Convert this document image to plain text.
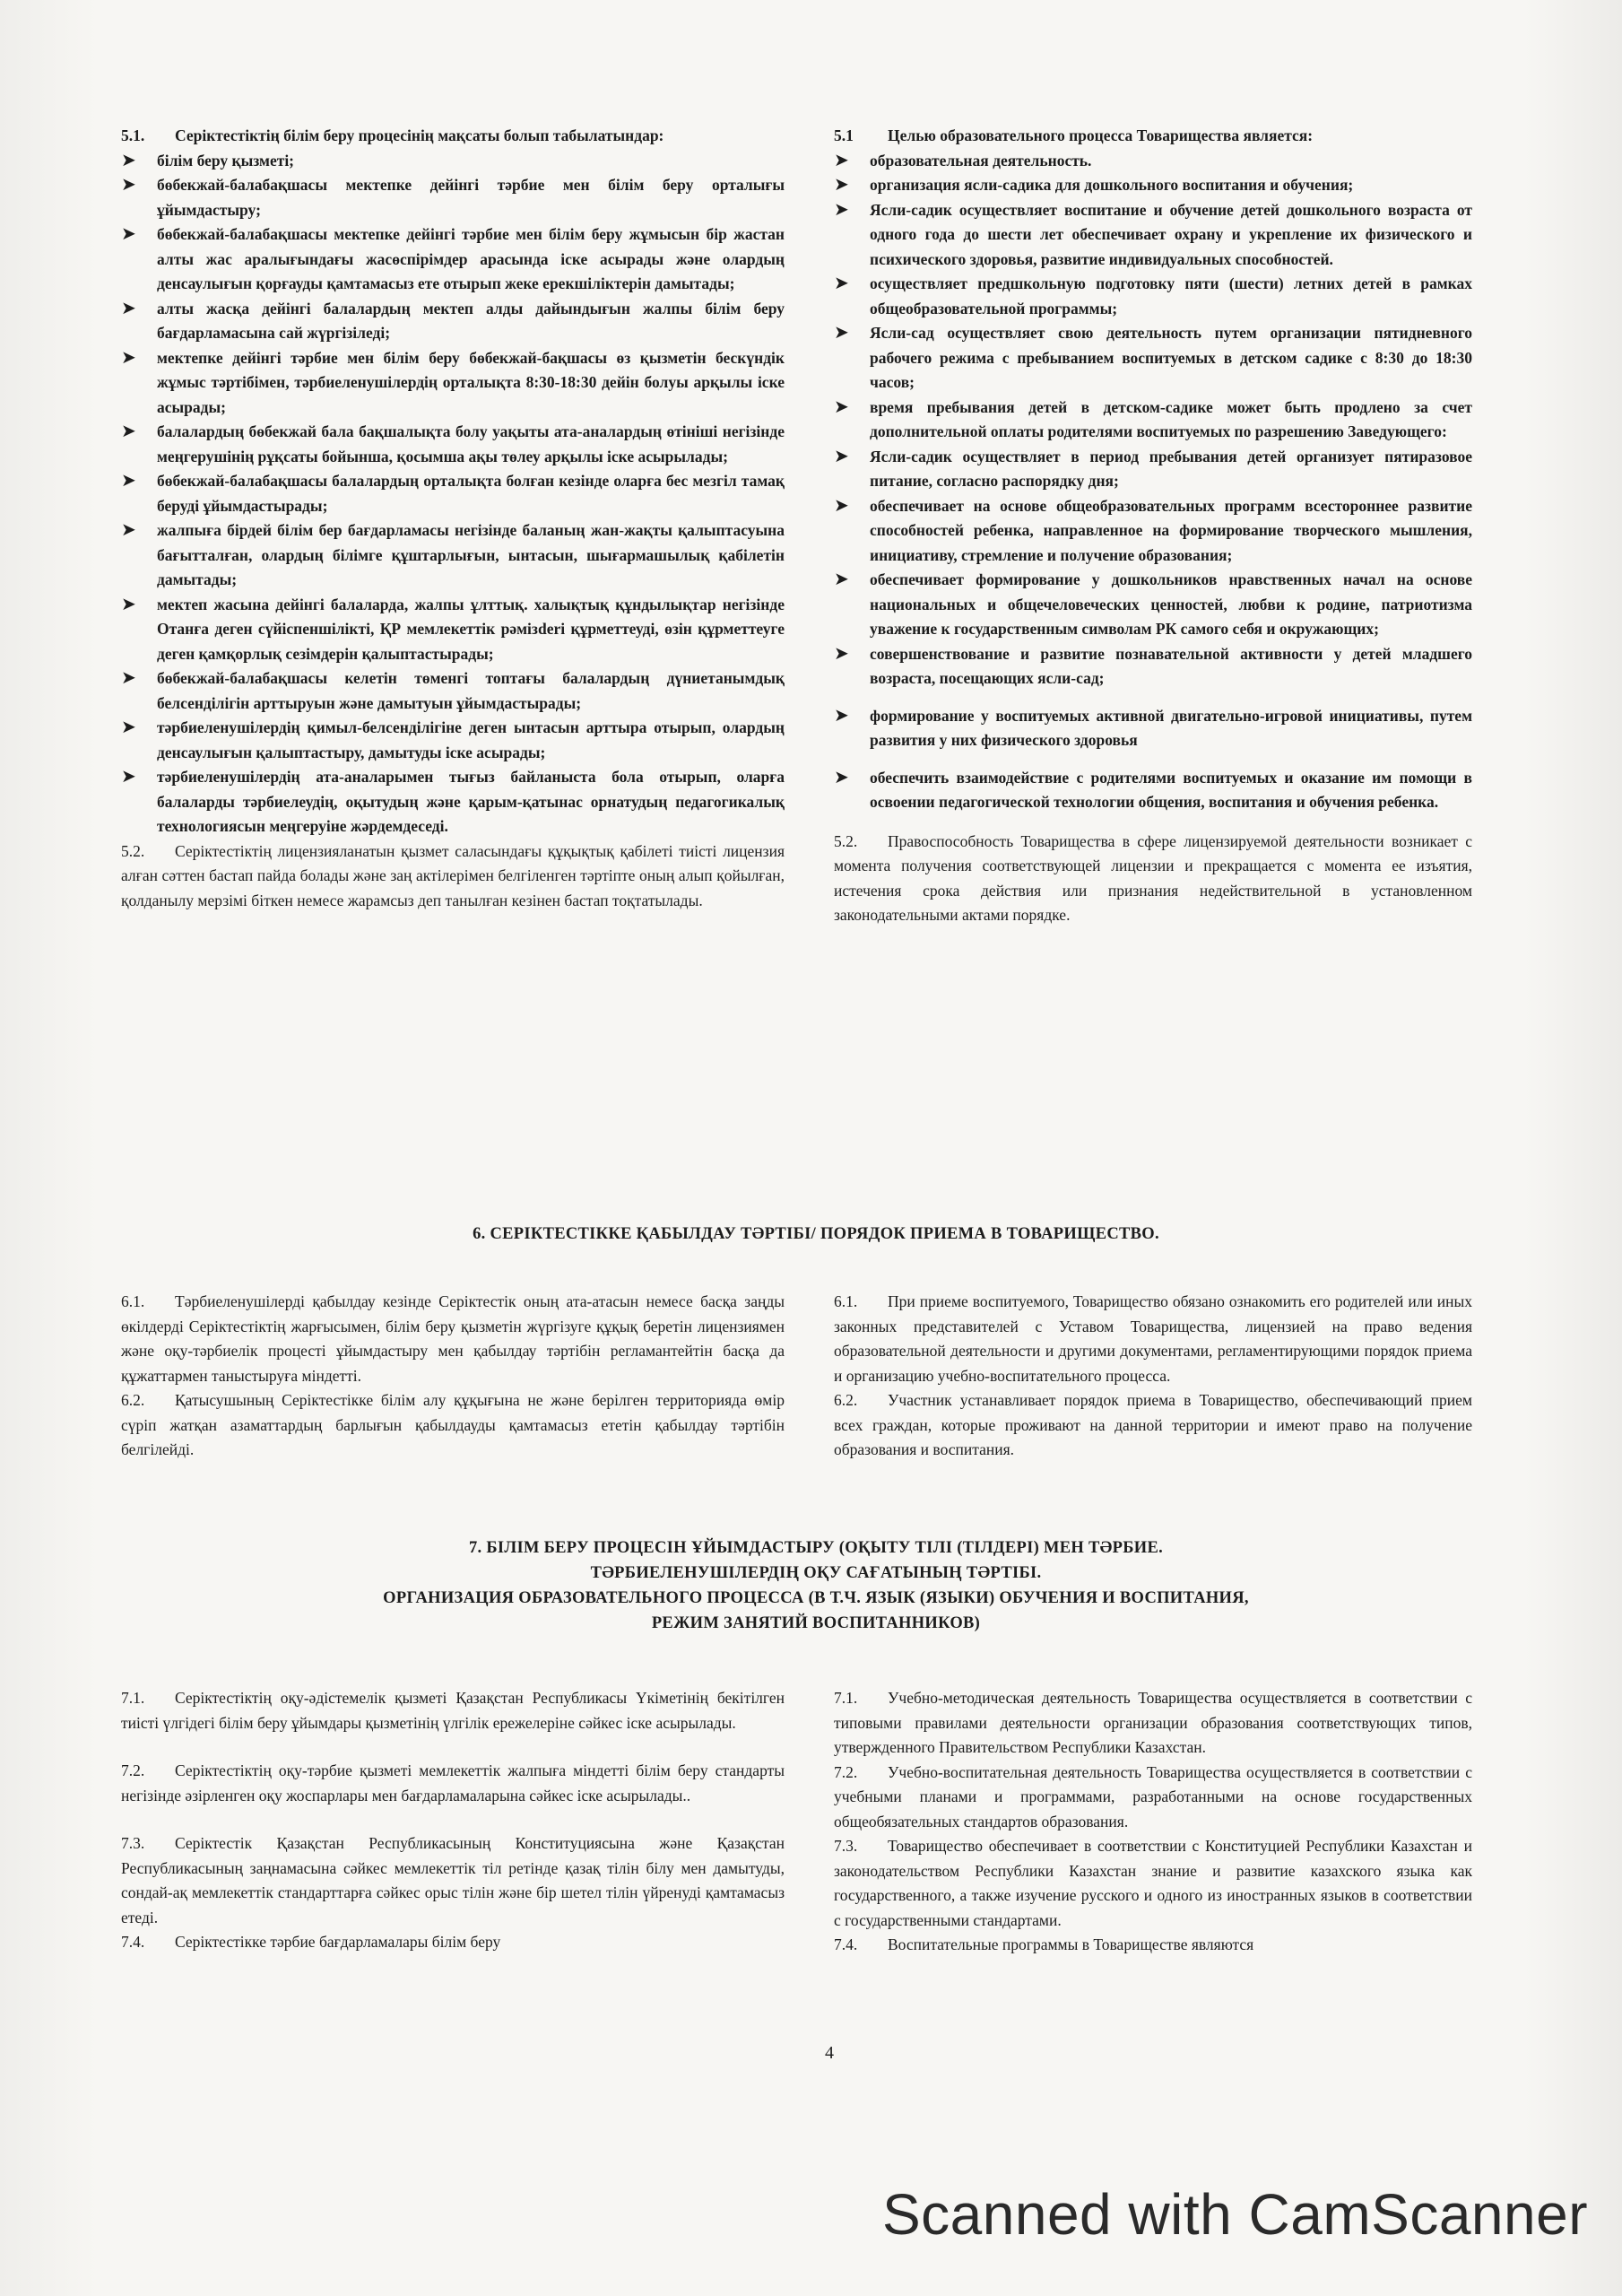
5.1.	Серіктестіктің білім беру процесінің мақсаты болып табылатындар:
➤	білім беру қызметі;
➤	бөбекжай-балабақшасы мектепке дейінгі тәрбие мен білім беру орталығы ұйымдастыру;
➤	бөбекжай-балабақшасы мектепке дейінгі тәрбие мен білім беру жұмысын бір жастан алты жас аралығындағы жасөспірімдер арасында іске асырады және олардың денсаулығын қорғауды қамтамасыз ете отырып жеке ерекшіліктерін дамытады;
➤	алты жасқа дейінгі балалардың мектеп алды дайындығын жалпы білім беру бағдарламасына сай жүргізіледі;
➤	мектепке дейінгі тәрбие мен білім беру бөбекжай-бақшасы өз қызметін бескүндік жұмыс тәртібімен, тәрбиеленушілердің орталықта 8:30-18:30 дейін болуы арқылы іске асырады;
➤	балалардың бөбекжай бала бақшалықта болу уақыты ата-аналардың өтініші негізінде меңгерушінің рұқсаты бойынша, қосымша ақы төлеу арқылы іске асырылады;
➤	бөбекжай-балабақшасы балалардың орталықта болған кезінде оларға бес мезгіл тамақ беруді ұйымдастырады;
➤	жалпыға бірдей білім бер бағдарламасы негізінде баланың жан-жақты қалыптасуына бағытталған, олардың білімге құштарлығын, ынтасын, шығармашылық қабілетін дамытады;
➤	мектеп жасына дейінгі балаларда, жалпы ұлттық. халықтық құндылықтар негізінде Отанға деген сүйіспеншілікті, ҚР мемлекеттік рәмізderi құрметтеуді, өзін құрметтеуге деген қамқорлық сезімдерін қалыптастырады;
➤	бөбекжай-балабақшасы келетін төменгі топтағы балалардың дүниетанымдық белсенділігін арттыруын және дамытуын ұйымдастырады;
➤	тәрбиеленушілердің қимыл-белсенділігіне деген ынтасын арттыра отырып, олардың денсаулығын қалыптастыру, дамытуды іске асырады;
➤	тәрбиеленушілердің ата-аналарымен тығыз байланыста бола отырып, оларға балаларды тәрбиелеудің, оқытудың және қарым-қатынас орнатудың педагогикалық технологиясын меңгеруіне жәрдемдеседі.

5.2. Серіктестіктің лицензияланатын қызмет саласындағы құқықтық қабілеті тиісті лицензия алған сәттен бастап пайда болады және заң актілерімен белгіленген тәртіпте оның алып қойылған, қолданылу мерзімі біткен немесе жарамсыз деп танылған кезінен бастап тоқтатылады.

5.1	Целью образовательного процесса Товарищества является:
➤	образовательная деятельность.
➤	организация ясли-садика для дошкольного воспитания и обучения;
➤	Ясли-садик осуществляет воспитание и обучение детей дошкольного возраста от одного года до шести лет обеспечивает охрану и укрепление их физического и психического здоровья, развитие индивидуальных способностей.
➤	осуществляет предшкольную подготовку пяти (шести) летних детей в рамках общеобразовательной программы;
➤	Ясли-сад осуществляет свою деятельность путем организации пятидневного рабочего режима с пребыванием воспитуемых в детском садике с 8:30 до 18:30 часов;
➤	время пребывания детей в детском-садике может быть продлено за счет дополнительной оплаты родителями воспитуемых по разрешению Заведующего:
➤	Ясли-садик осуществляет в период пребывания детей организует пятиразовое питание, согласно распорядку дня;
➤	обеспечивает на основе общеобразовательных программ всестороннее развитие способностей ребенка, направленное на формирование творческого мышления, инициативу, стремление и получение образования;
➤	обеспечивает формирование у дошкольников нравственных начал на основе национальных и общечеловеческих ценностей, любви к родине, патриотизма уважение к государственным символам РК самого себя и окружающих;
➤	совершенствование и развитие познавательной активности у детей младшего возраста, посещающих ясли-сад;
➤	формирование у воспитуемых активной двигательно-игровой инициативы, путем развития у них физического здоровья
➤	обеспечить взаимодействие с родителями воспитуемых и оказание им помощи в освоении педагогической технологии общения, воспитания и обучения ребенка.

5.2. Правоспособность Товарищества в сфере лицензируемой деятельности возникает с момента получения соответствующей лицензии и прекращается с момента ее изъятия, истечения срока действия или признания недействительной в установленном законодательными актами порядке.

6. СЕРІКТЕСТІККЕ ҚАБЫЛДАУ ТӘРТІБІ/ ПОРЯДОК ПРИЕМА В ТОВАРИЩЕСТВО.

6.1. Тәрбиеленушілерді қабылдау кезінде Серіктестік оның ата-атасын немесе басқа заңды өкілдерді Серіктестіктің жарғысымен, білім беру қызметін жүргізуге құқық беретін лицензиямен және оқу-тәрбиелік процесті ұйымдастыру мен қабылдау тәртібін регламантейтін басқа да құжаттармен таныстыруға міндетті.

6.2. Қатысушының Серіктестікке білім алу құқығына не және берілген территорияда өмір сүріп жатқан азаматтардың барлығын қабылдауды қамтамасыз ететін қабылдау тәртібін белгілейді.

6.1. При приеме воспитуемого, Товарищество обязано ознакомить его родителей или иных законных представителей с Уставом Товарищества, лицензией на право ведения образовательной деятельности и другими документами, регламентирующими порядок приема и организацию учебно-воспитательного процесса.

6.2. Участник устанавливает порядок приема в Товарищество, обеспечивающий прием всех граждан, которые проживают на данной территории и имеют право на получение образования и воспитания.

7. БІЛІМ БЕРУ ПРОЦЕСІН ҰЙЫМДАСТЫРУ (ОҚЫТУ ТІЛІ (ТІЛДЕРІ) МЕН ТӘРБИЕ.
ТӘРБИЕЛЕНУШІЛЕРДІҢ ОҚУ САҒАТЫНЫҢ ТӘРТІБІ.
ОРГАНИЗАЦИЯ ОБРАЗОВАТЕЛЬНОГО ПРОЦЕССА (В Т.Ч. ЯЗЫК (ЯЗЫКИ) ОБУЧЕНИЯ И ВОСПИТАНИЯ,
РЕЖИМ ЗАНЯТИЙ ВОСПИТАННИКОВ)

7.1. Серіктестіктің оқу-әдістемелік қызметі Қазақстан Республикасы Үкіметінің бекітілген тиісті үлгідегі білім беру ұйымдары қызметінің үлгілік ережелеріне сәйкес іске асырылады.

7.2. Серіктестіктің оқу-тәрбие қызметі мемлекеттік жалпыға міндетті білім беру стандарты негізінде әзірленген оқу жоспарлары мен бағдарламаларына сәйкес іске асырылады..

7.3. Серіктестік Қазақстан Республикасының Конституциясына және Қазақстан Республикасының заңнамасына сәйкес мемлекеттік тіл ретінде қазақ тілін білу мен дамытуды, сондай-ақ мемлекеттік стандарттарға сәйкес орыс тілін және бір шетел тілін үйренуді қамтамасыз етеді.

7.4. Серіктестікке тәрбие бағдарламалары білім беру

7.1. Учебно-методическая деятельность Товарищества осуществляется в соответствии с типовыми правилами деятельности организации образования соответствующих типов, утвержденного Правительством Республики Казахстан.

7.2. Учебно-воспитательная деятельность Товарищества осуществляется в соответствии с учебными планами и программами, разработанными на основе государственных общеобязательных стандартов образования.

7.3. Товарищество обеспечивает в соответствии с Конституцией Республики Казахстан и законодательством Республики Казахстан знание и развитие казахского языка как государственного, а также изучение русского и одного из иностранных языков в соответствии с государственными стандартами.

7.4. Воспитательные программы в Товариществе являются

4
Scanned with CamScanner
